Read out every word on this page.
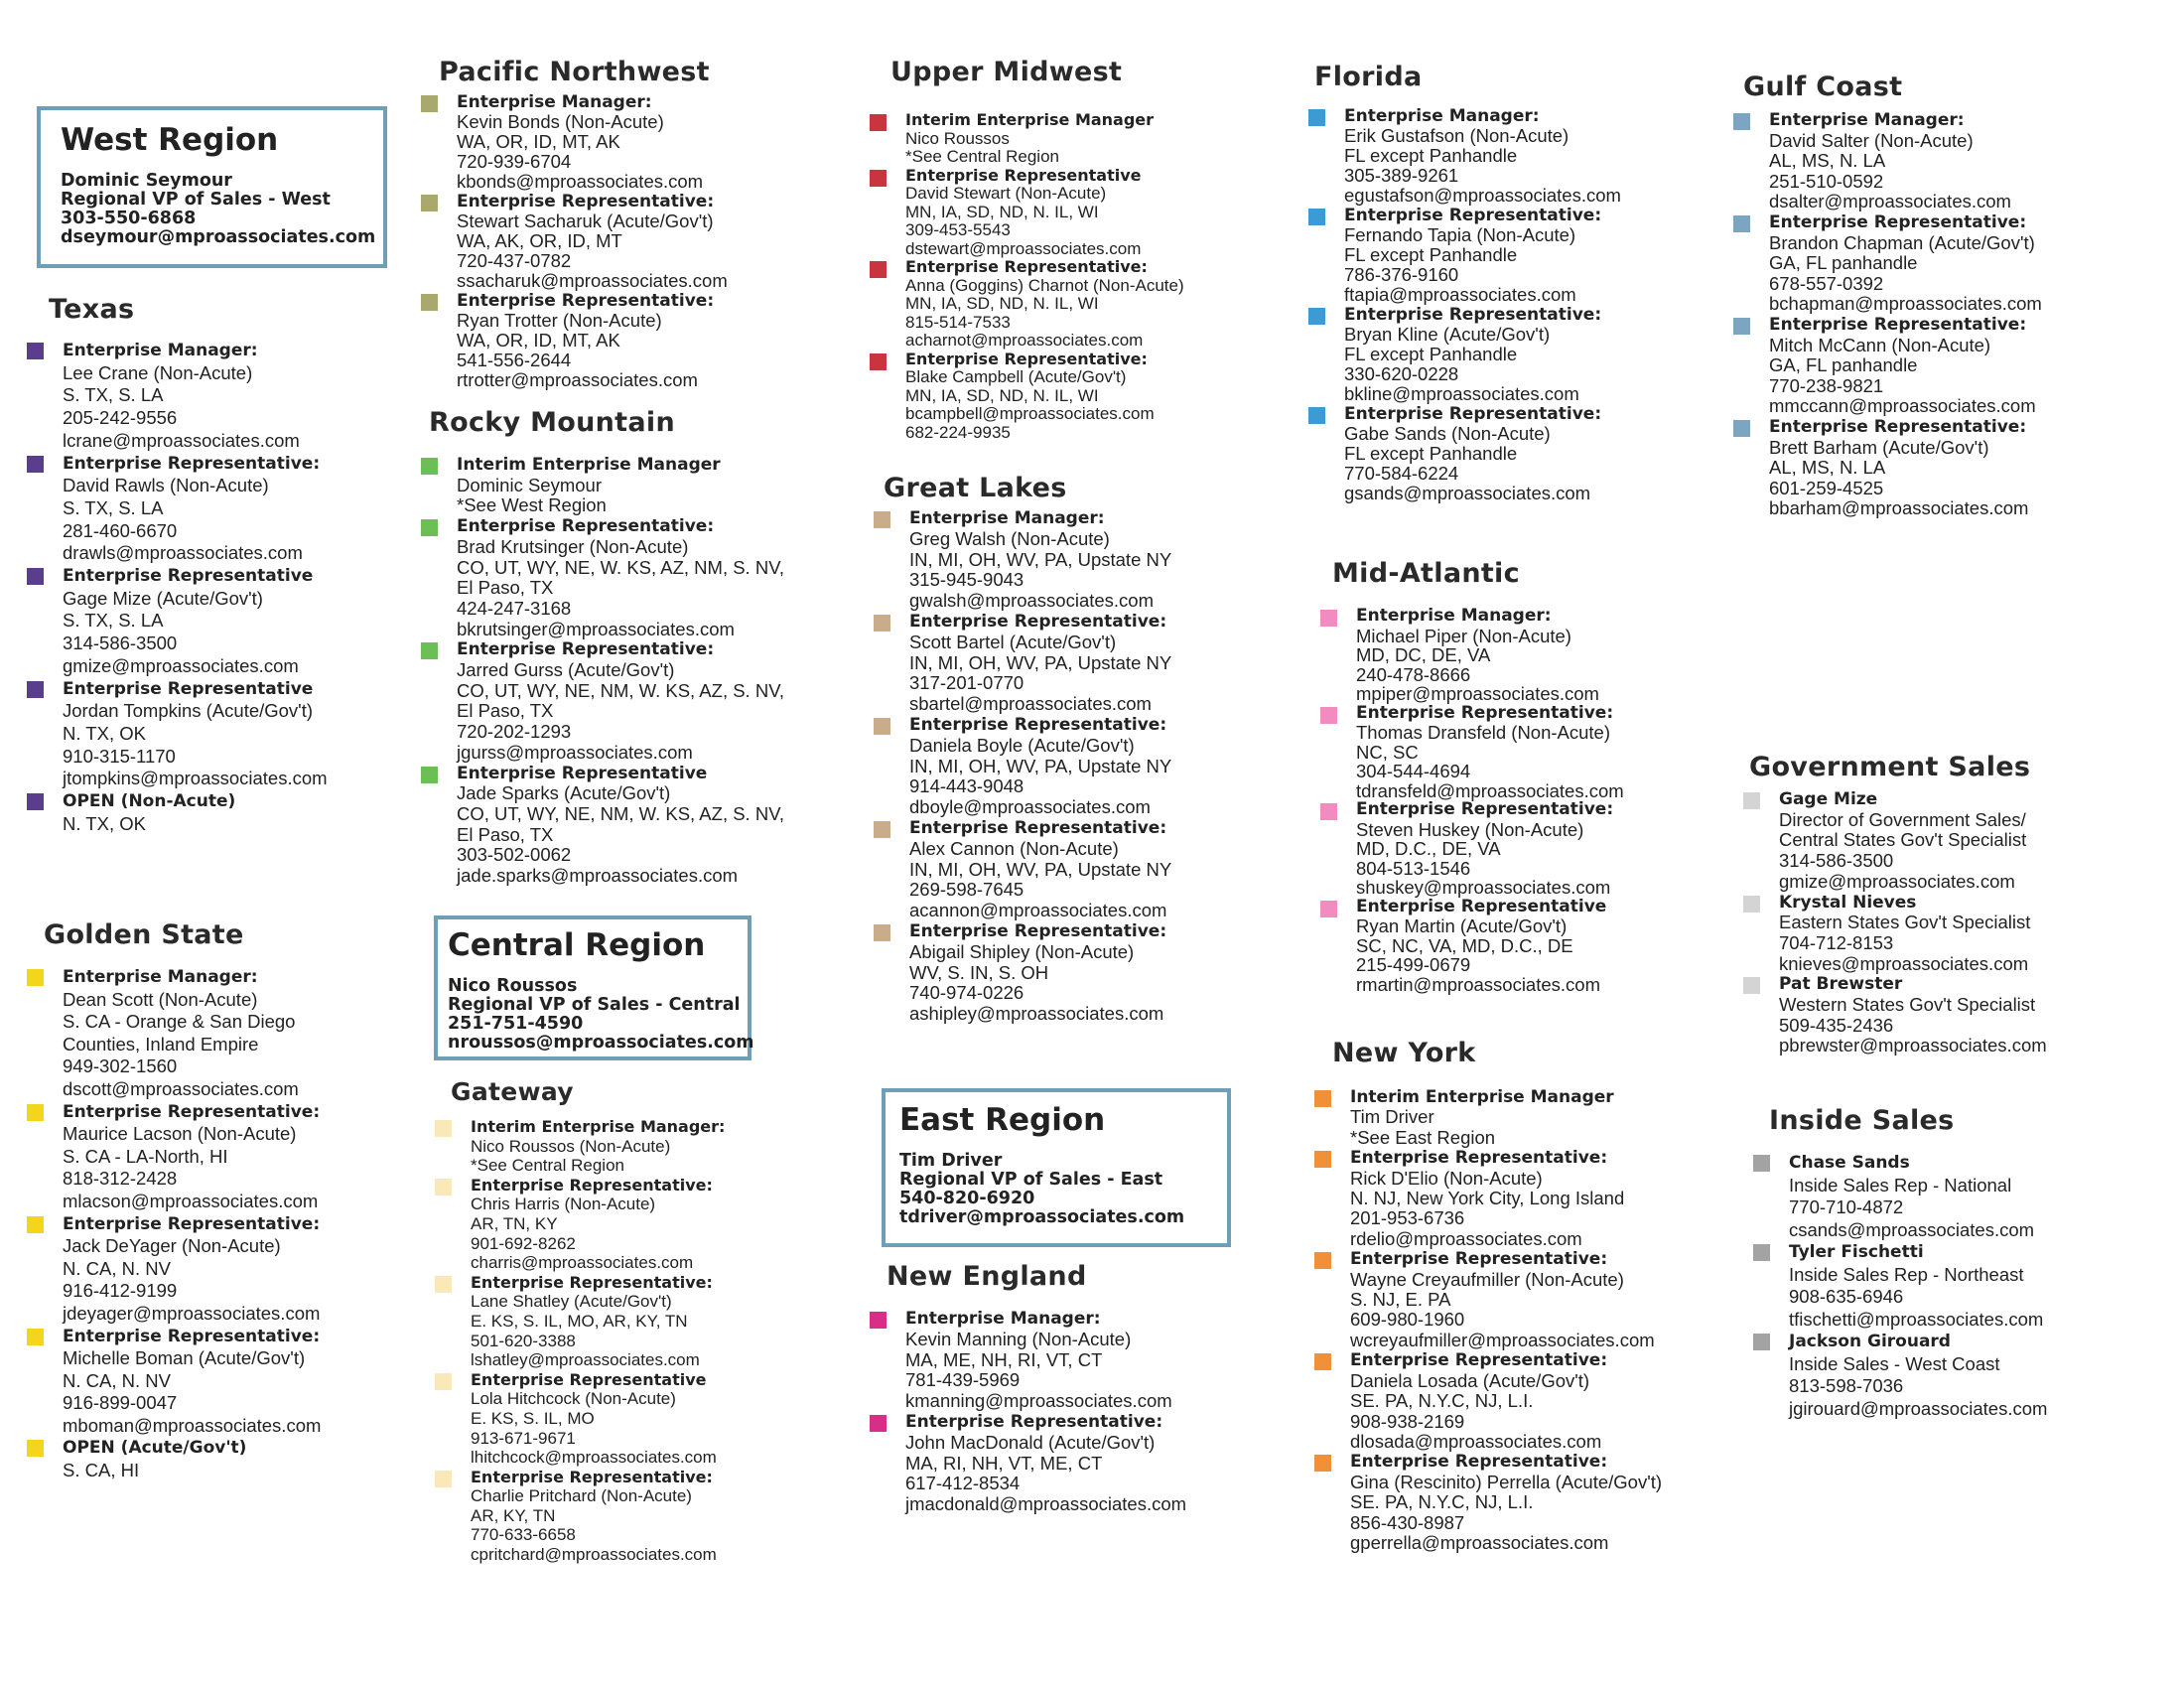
West Region
Dominic Seymour
Regional VP of Sales - West
303-550-6868
dseymour@mproassociates.com
Central Region
Nico Roussos
Regional VP of Sales - Central
251-751-4590
nroussos@mproassociates.com
East Region
Tim Driver
Regional VP of Sales - East
540-820-6920
tdriver@mproassociates.com
Texas
Enterprise Manager:
Lee Crane (Non-Acute)
S. TX, S. LA
205-242-9556
lcrane@mproassociates.com
Enterprise Representative:
David Rawls (Non-Acute)
S. TX, S. LA
281-460-6670
drawls@mproassociates.com
Enterprise Representative
Gage Mize (Acute/Gov't)
S. TX, S. LA
314-586-3500
gmize@mproassociates.com
Enterprise Representative
Jordan Tompkins (Acute/Gov't)
N. TX, OK
910-315-1170
jtompkins@mproassociates.com
OPEN (Non-Acute)
N. TX, OK
Golden State
Enterprise Manager:
Dean Scott (Non-Acute)
S. CA - Orange & San Diego
Counties, Inland Empire
949-302-1560
dscott@mproassociates.com
Enterprise Representative:
Maurice Lacson (Non-Acute)
S. CA - LA-North, HI
818-312-2428
mlacson@mproassociates.com
Enterprise Representative:
Jack DeYager (Non-Acute)
N. CA, N. NV
916-412-9199
jdeyager@mproassociates.com
Enterprise Representative:
Michelle Boman (Acute/Gov't)
N. CA, N. NV
916-899-0047
mboman@mproassociates.com
OPEN (Acute/Gov't)
S. CA, HI
Pacific Northwest
Enterprise Manager:
Kevin Bonds (Non-Acute)
WA, OR, ID, MT, AK
720-939-6704
kbonds@mproassociates.com
Enterprise Representative:
Stewart Sacharuk (Acute/Gov't)
WA, AK, OR, ID, MT
720-437-0782
ssacharuk@mproassociates.com
Enterprise Representative:
Ryan Trotter (Non-Acute)
WA, OR, ID, MT, AK
541-556-2644
rtrotter@mproassociates.com
Rocky Mountain
Interim Enterprise Manager
Dominic Seymour
*See West Region
Enterprise Representative:
Brad Krutsinger (Non-Acute)
CO, UT, WY, NE, W. KS, AZ, NM, S. NV,
El Paso, TX
424-247-3168
bkrutsinger@mproassociates.com
Enterprise Representative:
Jarred Gurss (Acute/Gov't)
CO, UT, WY, NE, NM, W. KS, AZ, S. NV,
El Paso, TX
720-202-1293
jgurss@mproassociates.com
Enterprise Representative
Jade Sparks (Acute/Gov't)
CO, UT, WY, NE, NM, W. KS, AZ, S. NV,
El Paso, TX
303-502-0062
jade.sparks@mproassociates.com
Gateway
Interim Enterprise Manager:
Nico Roussos (Non-Acute)
*See Central Region
Enterprise Representative:
Chris Harris (Non-Acute)
AR, TN, KY
901-692-8262
charris@mproassociates.com
Enterprise Representative:
Lane Shatley (Acute/Gov't)
E. KS, S. IL, MO, AR, KY, TN
501-620-3388
lshatley@mproassociates.com
Enterprise Representative
Lola Hitchcock (Non-Acute)
E. KS, S. IL, MO
913-671-9671
lhitchcock@mproassociates.com
Enterprise Representative:
Charlie Pritchard (Non-Acute)
AR, KY, TN
770-633-6658
cpritchard@mproassociates.com
Upper Midwest
Interim Enterprise Manager
Nico Roussos
*See Central Region
Enterprise Representative
David Stewart (Non-Acute)
MN, IA, SD, ND, N. IL, WI
309-453-5543
dstewart@mproassociates.com
Enterprise Representative:
Anna (Goggins) Charnot (Non-Acute)
MN, IA, SD, ND, N. IL, WI
815-514-7533
acharnot@mproassociates.com
Enterprise Representative:
Blake Campbell (Acute/Gov't)
MN, IA, SD, ND, N. IL, WI
bcampbell@mproassociates.com
682-224-9935
Great Lakes
Enterprise Manager:
Greg Walsh (Non-Acute)
IN, MI, OH, WV, PA, Upstate NY
315-945-9043
gwalsh@mproassociates.com
Enterprise Representative:
Scott Bartel (Acute/Gov't)
IN, MI, OH, WV, PA, Upstate NY
317-201-0770
sbartel@mproassociates.com
Enterprise Representative:
Daniela Boyle (Acute/Gov't)
IN, MI, OH, WV, PA, Upstate NY
914-443-9048
dboyle@mproassociates.com
Enterprise Representative:
Alex Cannon (Non-Acute)
IN, MI, OH, WV, PA, Upstate NY
269-598-7645
acannon@mproassociates.com
Enterprise Representative:
Abigail Shipley (Non-Acute)
WV, S. IN, S. OH
740-974-0226
ashipley@mproassociates.com
New England
Enterprise Manager:
Kevin Manning (Non-Acute)
MA, ME, NH, RI, VT, CT
781-439-5969
kmanning@mproassociates.com
Enterprise Representative:
John MacDonald (Acute/Gov't)
MA, RI, NH, VT, ME, CT
617-412-8534
jmacdonald@mproassociates.com
Florida
Enterprise Manager:
Erik Gustafson (Non-Acute)
FL except Panhandle
305-389-9261
egustafson@mproassociates.com
Enterprise Representative:
Fernando Tapia (Non-Acute)
FL except Panhandle
786-376-9160
ftapia@mproassociates.com
Enterprise Representative:
Bryan Kline (Acute/Gov't)
FL except Panhandle
330-620-0228
bkline@mproassociates.com
Enterprise Representative:
Gabe Sands (Non-Acute)
FL except Panhandle
770-584-6224
gsands@mproassociates.com
Mid-Atlantic
Enterprise Manager:
Michael Piper (Non-Acute)
MD, DC, DE, VA
240-478-8666
mpiper@mproassociates.com
Enterprise Representative:
Thomas Dransfeld (Non-Acute)
NC, SC
304-544-4694
tdransfeld@mproassociates.com
Enterprise Representative:
Steven Huskey (Non-Acute)
MD, D.C., DE, VA
804-513-1546
shuskey@mproassociates.com
Enterprise Representative
Ryan Martin (Acute/Gov't)
SC, NC, VA, MD, D.C., DE
215-499-0679
rmartin@mproassociates.com
New York
Interim Enterprise Manager
Tim Driver
*See East Region
Enterprise Representative:
Rick D'Elio (Non-Acute)
N. NJ, New York City, Long Island
201-953-6736
rdelio@mproassociates.com
Enterprise Representative:
Wayne Creyaufmiller (Non-Acute)
S. NJ, E. PA
609-980-1960
wcreyaufmiller@mproassociates.com
Enterprise Representative:
Daniela Losada (Acute/Gov't)
SE. PA, N.Y.C, NJ, L.I.
908-938-2169
dlosada@mproassociates.com
Enterprise Representative:
Gina (Rescinito) Perrella (Acute/Gov't)
SE. PA, N.Y.C, NJ, L.I.
856-430-8987
gperrella@mproassociates.com
Gulf Coast
Enterprise Manager:
David Salter (Non-Acute)
AL, MS, N. LA
251-510-0592
dsalter@mproassociates.com
Enterprise Representative:
Brandon Chapman (Acute/Gov't)
GA, FL panhandle
678-557-0392
bchapman@mproassociates.com
Enterprise Representative:
Mitch McCann (Non-Acute)
GA, FL panhandle
770-238-9821
mmccann@mproassociates.com
Enterprise Representative:
Brett Barham (Acute/Gov't)
AL, MS, N. LA
601-259-4525
bbarham@mproassociates.com
Government Sales
Gage Mize
Director of Government Sales/
Central States Gov't Specialist
314-586-3500
gmize@mproassociates.com
Krystal Nieves
Eastern States Gov't Specialist
704-712-8153
knieves@mproassociates.com
Pat Brewster
Western States Gov't Specialist
509-435-2436
pbrewster@mproassociates.com
Inside Sales
Chase Sands
Inside Sales Rep - National
770-710-4872
csands@mproassociates.com
Tyler Fischetti
Inside Sales Rep - Northeast
908-635-6946
tfischetti@mproassociates.com
Jackson Girouard
Inside Sales - West Coast
813-598-7036
jgirouard@mproassociates.com
